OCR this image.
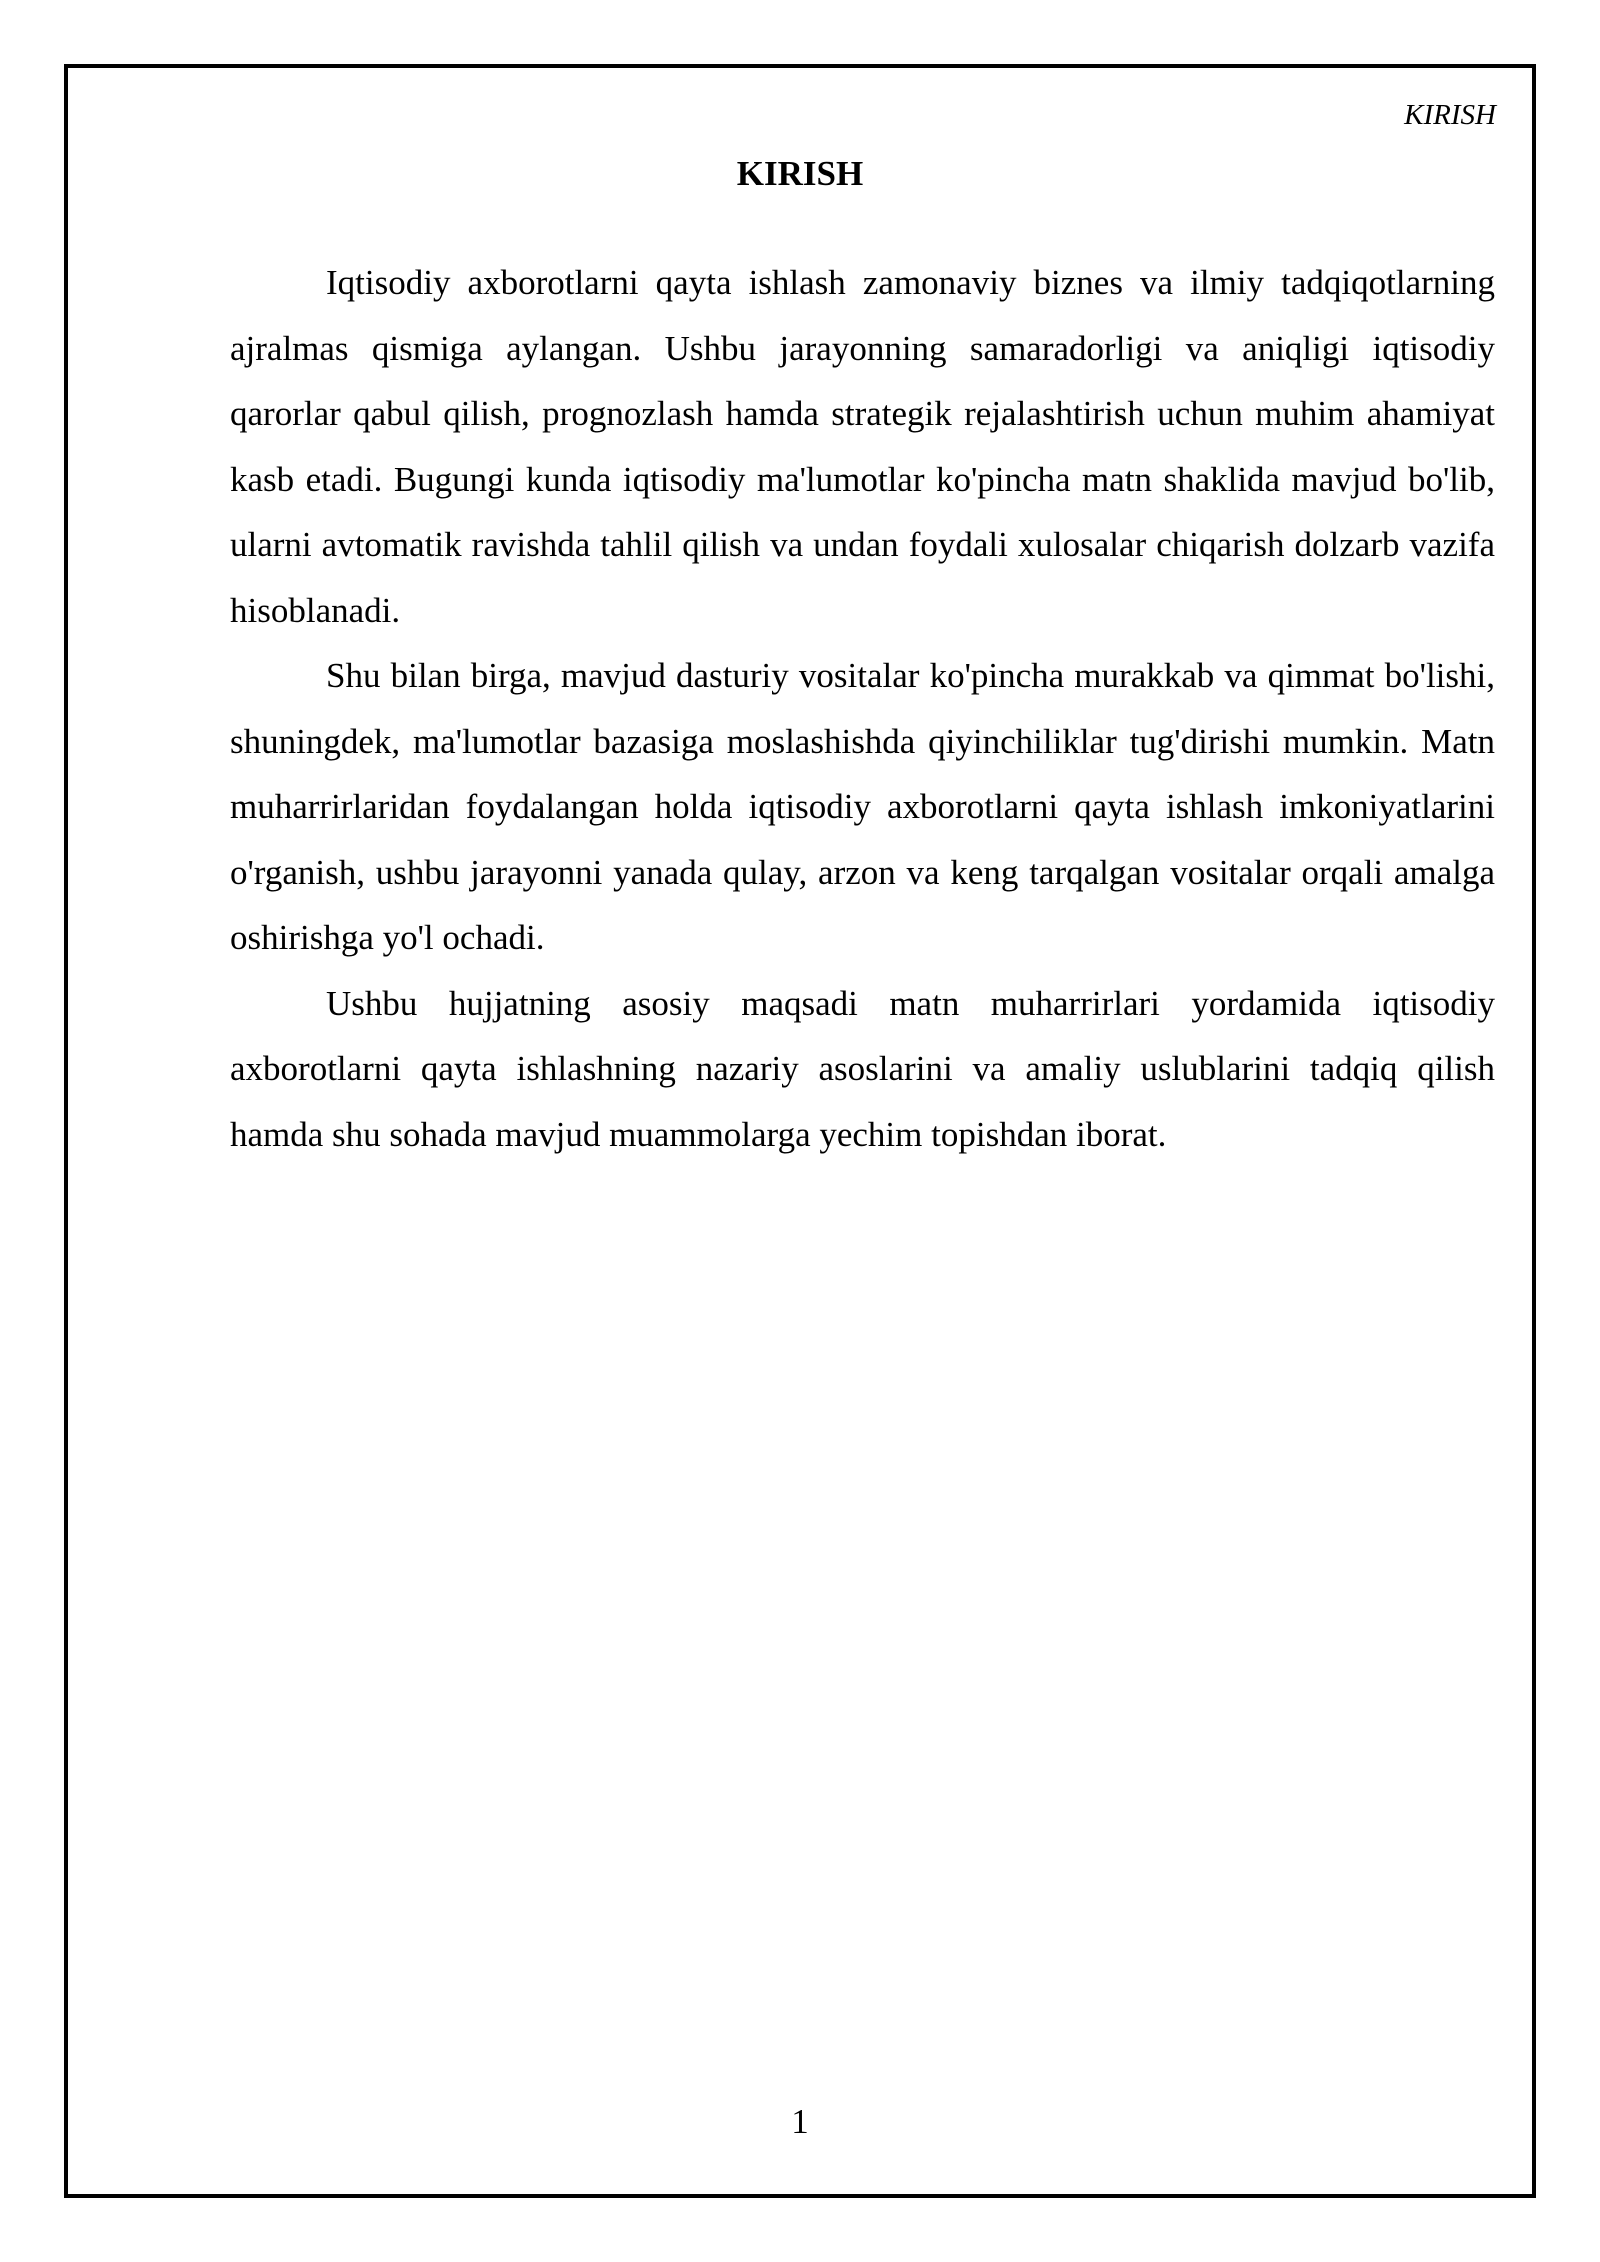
KIRISH
KIRISH

Iqtisodiy axborotlarni qayta ishlash zamonaviy biznes va ilmiy tadqiqotlarning ajralmas qismiga aylangan. Ushbu jarayonning samaradorligi va aniqligi iqtisodiy qarorlar qabul qilish, prognozlash hamda strategik rejalashtirish uchun muhim ahamiyat kasb etadi. Bugungi kunda iqtisodiy ma'lumotlar ko'pincha matn shaklida mavjud bo'lib, ularni avtomatik ravishda tahlil qilish va undan foydali xulosalar chiqarish dolzarb vazifa hisoblanadi.

Shu bilan birga, mavjud dasturiy vositalar ko'pincha murakkab va qimmat bo'lishi, shuningdek, ma'lumotlar bazasiga moslashishda qiyinchiliklar tug'dirishi mumkin. Matn muharrirlaridan foydalangan holda iqtisodiy axborotlarni qayta ishlash imkoniyatlarini o'rganish, ushbu jarayonni yanada qulay, arzon va keng tarqalgan vositalar orqali amalga oshirishga yo'l ochadi.

Ushbu hujjatning asosiy maqsadi matn muharrirlari yordamida iqtisodiy axborotlarni qayta ishlashning nazariy asoslarini va amaliy uslublarini tadqiq qilish hamda shu sohada mavjud muammolarga yechim topishdan iborat.

1
